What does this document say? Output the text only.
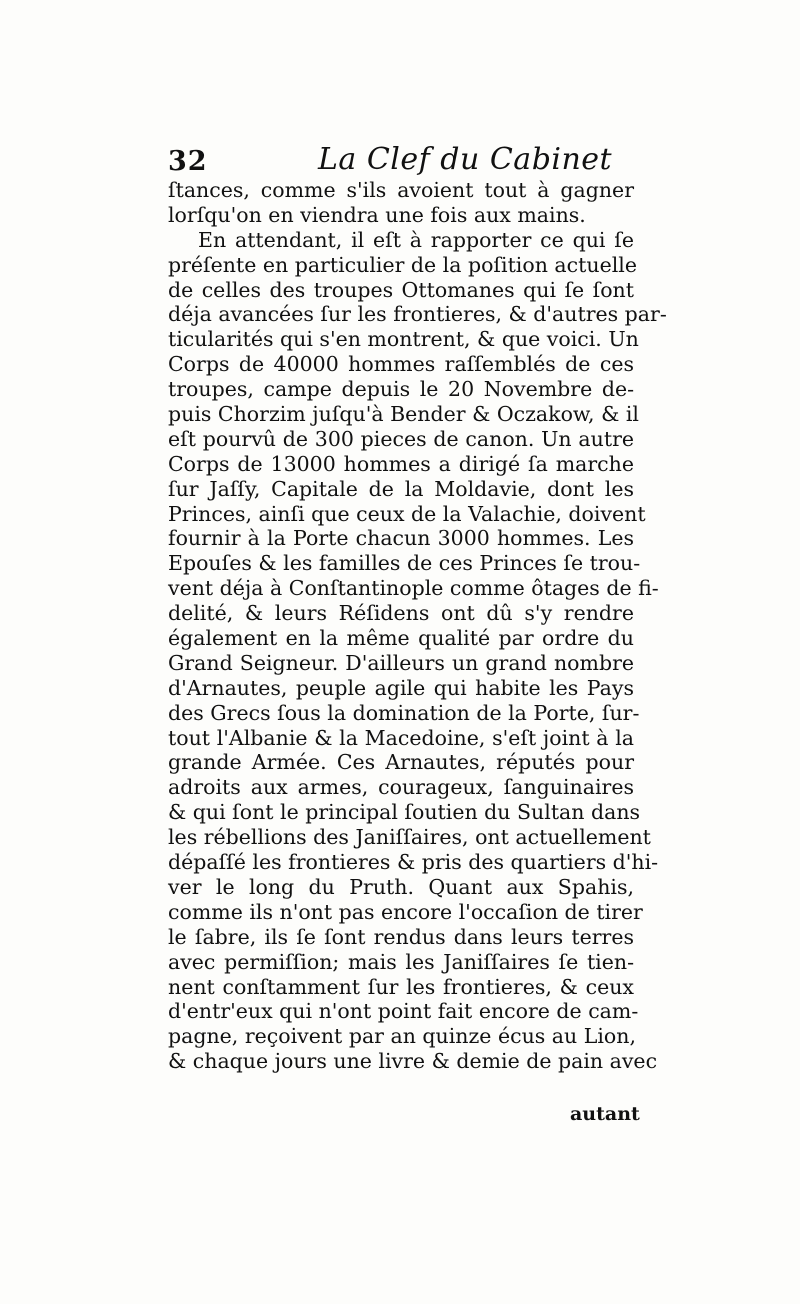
32	La Clef du Cabinet
ſtances, comme s'ils avoient tout à gagner
lorſqu'on en viendra une fois aux mains.
En attendant, il eſt à rapporter ce qui ſe
préſente en particulier de la poſition actuelle
de celles des troupes Ottomanes qui ſe ſont
déja avancées ſur les frontieres, & d'autres par-
ticularités qui s'en montrent, & que voici. Un
Corps de 40000 hommes raſſemblés de ces
troupes, campe depuis le 20 Novembre de-
puis Chorzim juſqu'à Bender & Oczakow, & il
eſt pourvû de 300 pieces de canon. Un autre
Corps de 13000 hommes a dirigé ſa marche
ſur Jaſſy, Capitale de la Moldavie, dont les
Princes, ainſi que ceux de la Valachie, doivent
fournir à la Porte chacun 3000 hommes. Les
Epouſes & les familles de ces Princes ſe trou-
vent déja à Conſtantinople comme ôtages de fi-
delité, & leurs Réſidens ont dû s'y rendre
également en la même qualité par ordre du
Grand Seigneur. D'ailleurs un grand nombre
d'Arnautes, peuple agile qui habite les Pays
des Grecs ſous la domination de la Porte, ſur-
tout l'Albanie & la Macedoine, s'eſt joint à la
grande Armée. Ces Arnautes, réputés pour
adroits aux armes, courageux, ſanguinaires
& qui ſont le principal ſoutien du Sultan dans
les rébellions des Janiſſaires, ont actuellement
dépaſſé les frontieres & pris des quartiers d'hi-
ver le long du Pruth. Quant aux Spahis,
comme ils n'ont pas encore l'occaſion de tirer
le ſabre, ils ſe ſont rendus dans leurs terres
avec permiſſion; mais les Janiſſaires ſe tien-
nent conſtamment ſur les frontieres, & ceux
d'entr'eux qui n'ont point fait encore de cam-
pagne, reçoivent par an quinze écus au Lion,
& chaque jours une livre & demie de pain avec
autant
